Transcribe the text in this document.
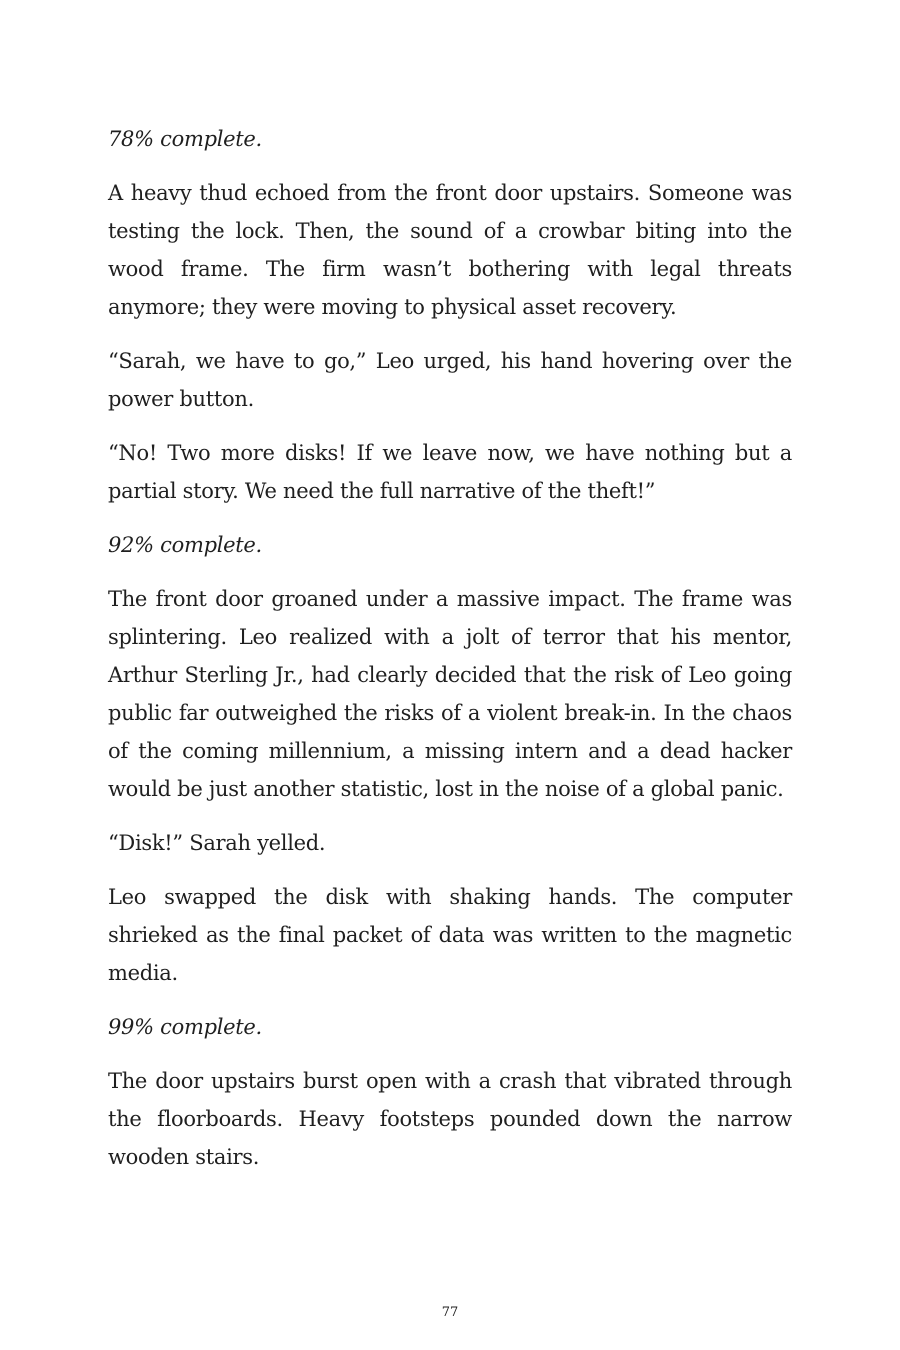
78% complete.

A heavy thud echoed from the front door upstairs. Someone was testing the lock. Then, the sound of a crowbar biting into the wood frame. The firm wasn’t bothering with legal threats anymore; they were moving to physical asset recovery.

“Sarah, we have to go,” Leo urged, his hand hovering over the power button.

“No! Two more disks! If we leave now, we have nothing but a partial story. We need the full narrative of the theft!”

92% complete.

The front door groaned under a massive impact. The frame was splintering. Leo realized with a jolt of terror that his mentor, Arthur Sterling Jr., had clearly decided that the risk of Leo going public far outweighed the risks of a violent break-in. In the chaos of the coming millennium, a missing intern and a dead hacker would be just another statistic, lost in the noise of a global panic.

“Disk!” Sarah yelled.

Leo swapped the disk with shaking hands. The computer shrieked as the final packet of data was written to the magnetic media.

99% complete.

The door upstairs burst open with a crash that vibrated through the floorboards. Heavy footsteps pounded down the narrow wooden stairs.

77
